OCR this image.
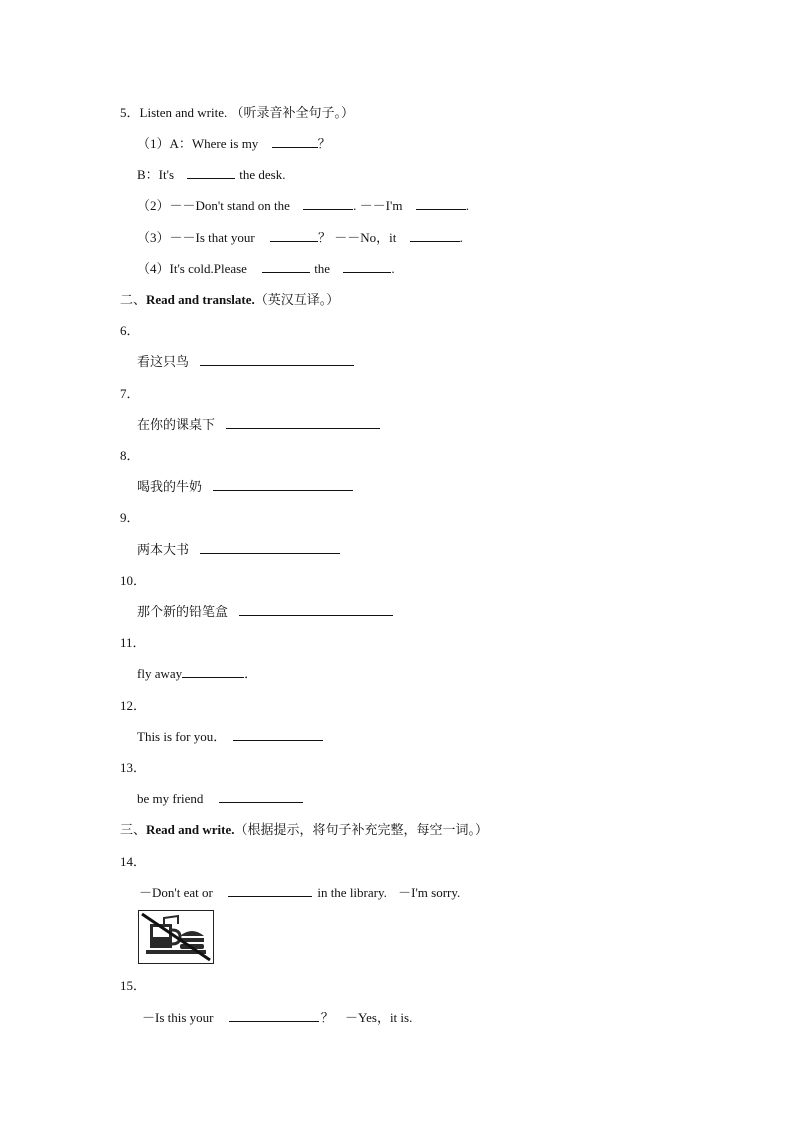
5．Listen and write. （听录音补全句子。）
（1）A：Where is my	？
B：It's	the desk.
（2）－－Don't stand on the	. －－I'm	.
（3）－－Is that your	？ －－No，it	.
（4）It's cold.Please	the	.
二、Read and translate.（英汉互译。）
6．
看这只鸟
7．
在你的课桌下
8．
喝我的牛奶
9．
两本大书
10．
那个新的铅笔盒
11．
fly away	．
12．
This is for you．
13．
be my friend
三、Read and write.（根据提示，将句子补充完整，每空一词。）
14．
－Don't eat or	in the library. －I'm sorry.
15．
－Is this your	？ －Yes，it is.
